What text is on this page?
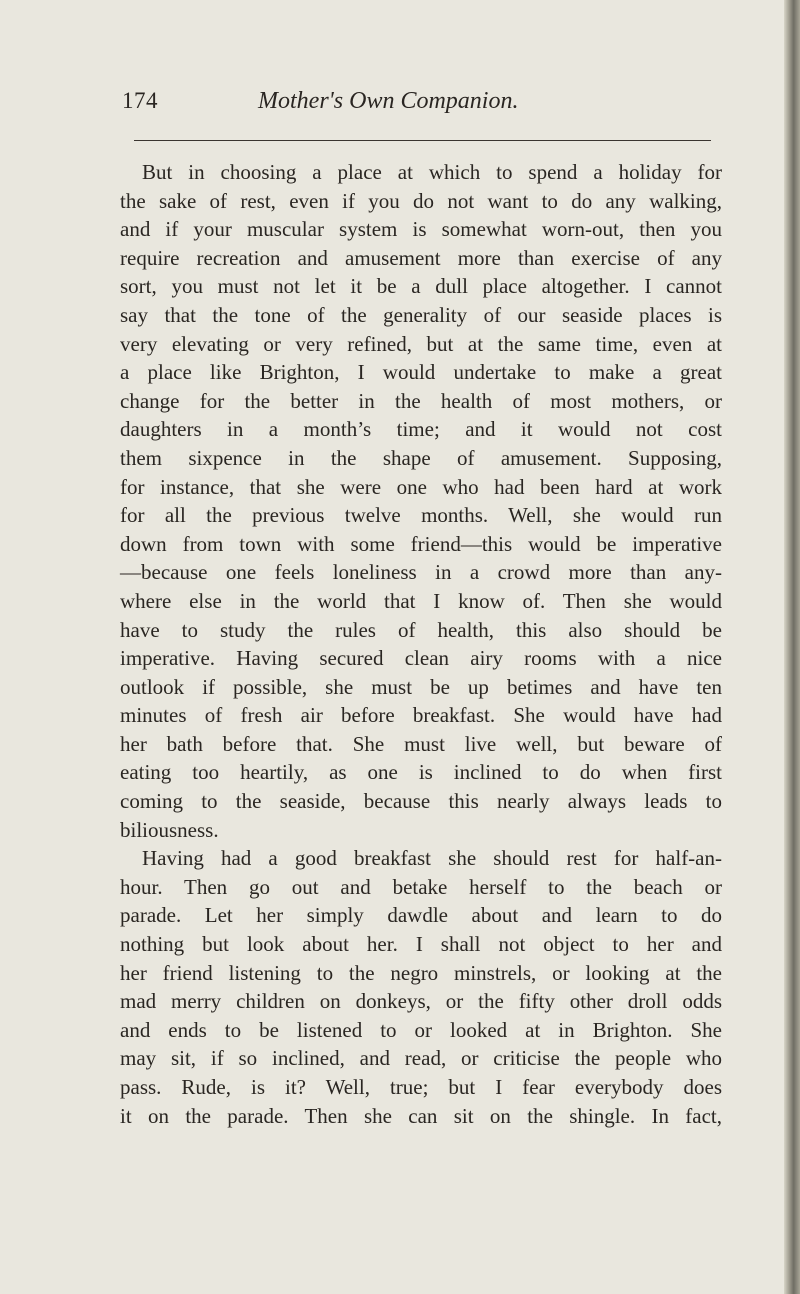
174	Mother's Own Companion.
But in choosing a place at which to spend a holiday for
the sake of rest, even if you do not want to do any walking,
and if your muscular system is somewhat worn-out, then you
require recreation and amusement more than exercise of any
sort, you must not let it be a dull place altogether. I cannot
say that the tone of the generality of our seaside places is
very elevating or very refined, but at the same time, even at
a place like Brighton, I would undertake to make a great
change for the better in the health of most mothers, or
daughters in a month’s time; and it would not cost
them sixpence in the shape of amusement. Supposing,
for instance, that she were one who had been hard at work
for all the previous twelve months. Well, she would run
down from town with some friend—this would be imperative
—because one feels loneliness in a crowd more than any-
where else in the world that I know of. Then she would
have to study the rules of health, this also should be
imperative. Having secured clean airy rooms with a nice
outlook if possible, she must be up betimes and have ten
minutes of fresh air before breakfast. She would have had
her bath before that. She must live well, but beware of
eating too heartily, as one is inclined to do when first
coming to the seaside, because this nearly always leads to
biliousness.
Having had a good breakfast she should rest for half-an-
hour. Then go out and betake herself to the beach or
parade. Let her simply dawdle about and learn to do
nothing but look about her. I shall not object to her and
her friend listening to the negro minstrels, or looking at the
mad merry children on donkeys, or the fifty other droll odds
and ends to be listened to or looked at in Brighton. She
may sit, if so inclined, and read, or criticise the people who
pass. Rude, is it? Well, true; but I fear everybody does
it on the parade. Then she can sit on the shingle. In fact,
